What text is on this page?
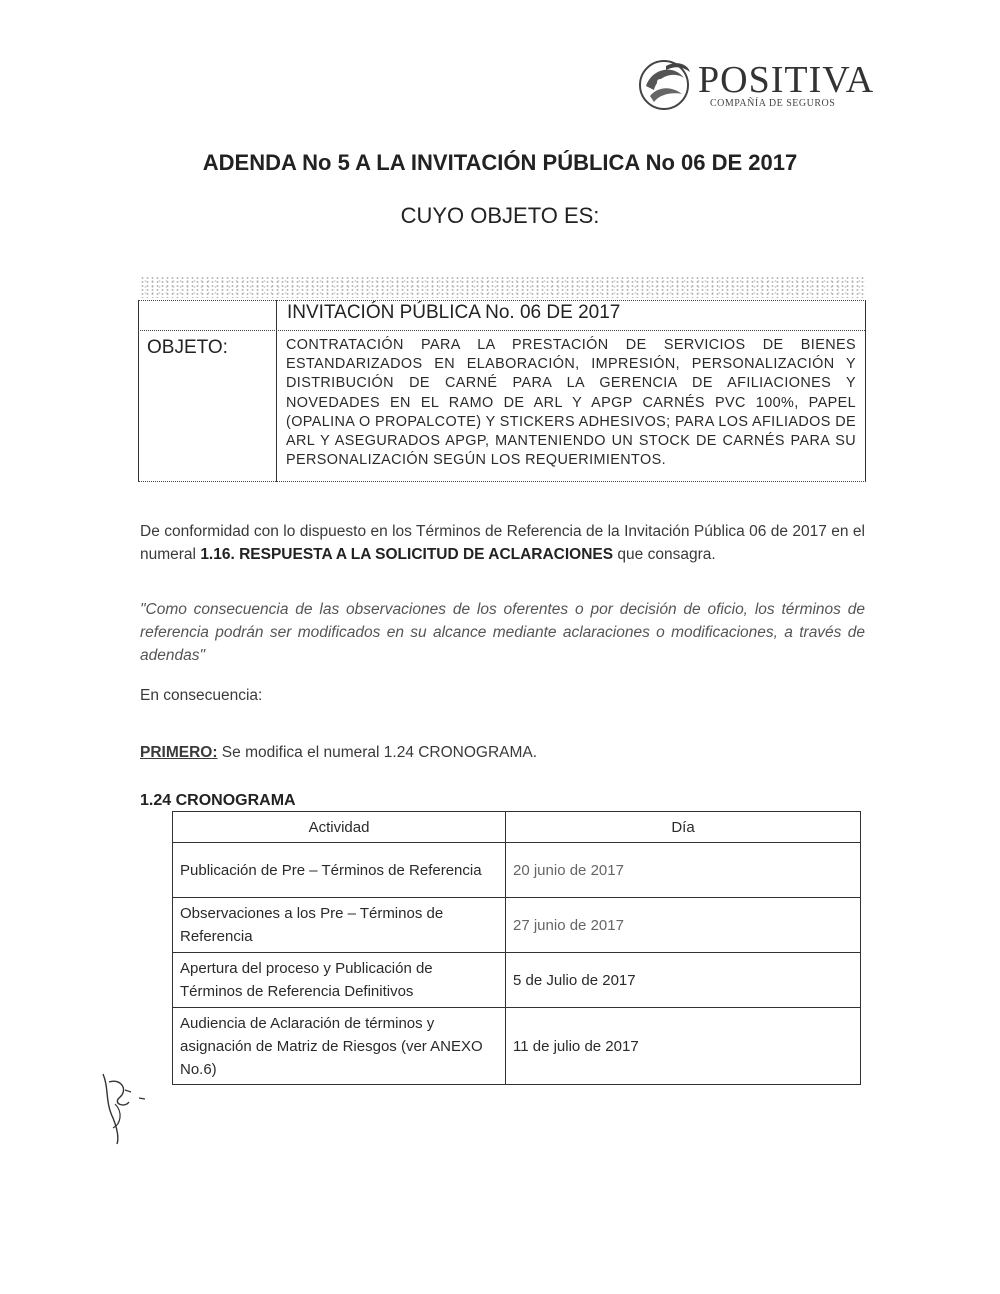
POSITIVA
COMPAÑÍA DE SEGUROS
ADENDA No 5 A LA INVITACIÓN PÚBLICA No 06 DE 2017
CUYO OBJETO ES:
INVITACIÓN PÚBLICA No. 06 DE 2017
OBJETO:	CONTRATACIÓN PARA LA PRESTACIÓN DE SERVICIOS DE BIENES ESTANDARIZADOS EN ELABORACIÓN, IMPRESIÓN, PERSONALIZACIÓN Y DISTRIBUCIÓN DE CARNÉ PARA LA GERENCIA DE AFILIACIONES Y NOVEDADES EN EL RAMO DE ARL Y APGP CARNÉS PVC 100%, PAPEL (OPALINA O PROPALCOTE) Y STICKERS ADHESIVOS; PARA LOS AFILIADOS DE ARL Y ASEGURADOS APGP, MANTENIENDO UN STOCK DE CARNÉS PARA SU PERSONALIZACIÓN SEGÚN LOS REQUERIMIENTOS.
De conformidad con lo dispuesto en los Términos de Referencia de la Invitación Pública 06 de 2017 en el numeral 1.16. RESPUESTA A LA SOLICITUD DE ACLARACIONES que consagra.
"Como consecuencia de las observaciones de los oferentes o por decisión de oficio, los términos de referencia podrán ser modificados en su alcance mediante aclaraciones o modificaciones, a través de adendas"
En consecuencia:
PRIMERO: Se modifica el numeral 1.24 CRONOGRAMA.
1.24 CRONOGRAMA
Actividad	Día
Publicación de Pre – Términos de Referencia	20 junio de 2017
Observaciones a los Pre – Términos de Referencia	27 junio de 2017
Apertura del proceso y Publicación de Términos de Referencia Definitivos	5 de Julio de 2017
Audiencia de Aclaración de términos y asignación de Matriz de Riesgos (ver ANEXO No.6)	11 de julio de 2017
